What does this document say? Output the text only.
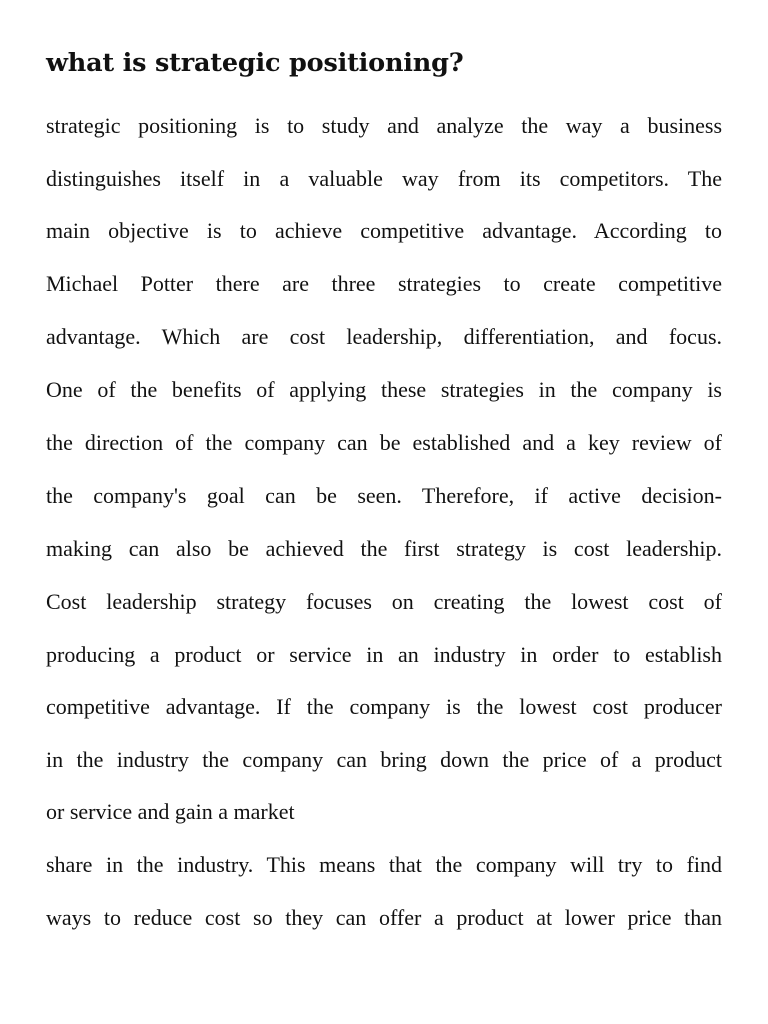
what is strategic positioning?
strategic positioning is to study and analyze the way a business
distinguishes itself in a valuable way from its competitors. The
main objective is to achieve competitive advantage. According to
Michael Potter there are three strategies to create competitive
advantage. Which are cost leadership, differentiation, and focus.
One of the benefits of applying these strategies in the company is
the direction of the company can be established and a key review of
the company's goal can be seen. Therefore, if active decision-
making can also be achieved the first strategy is cost leadership.
Cost leadership strategy focuses on creating the lowest cost of
producing a product or service in an industry in order to establish
competitive advantage. If the company is the lowest cost producer
in the industry the company can bring down the price of a product
or service and gain a market
share in the industry. This means that the company will try to find
ways to reduce cost so they can offer a product at lower price than
